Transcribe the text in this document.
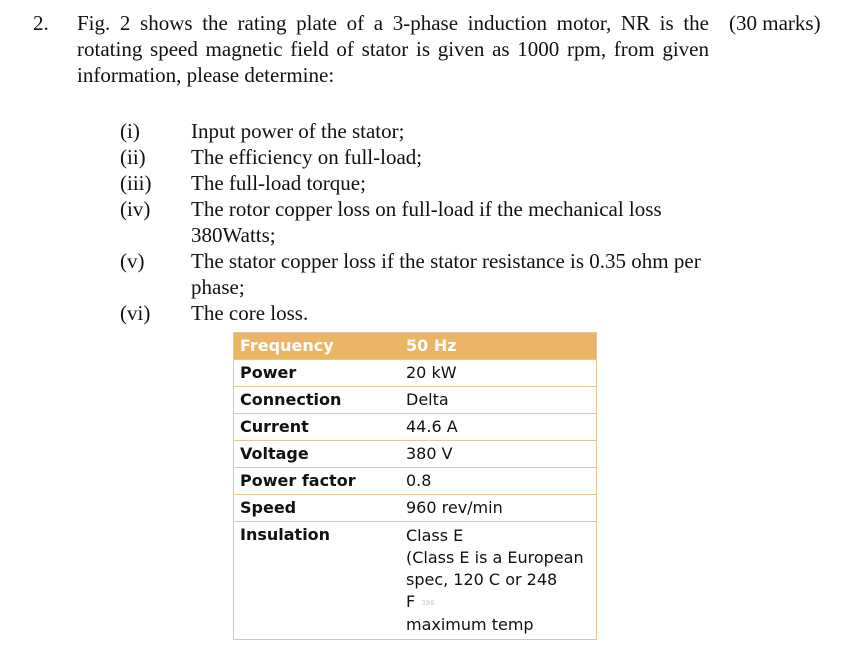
2. Fig. 2 shows the rating plate of a 3-phase induction motor, NR is the rotating speed magnetic field of stator is given as 1000 rpm, from given information, please determine:
(30 marks)
(i)	Input power of the stator;
(ii)	The efficiency on full-load;
(iii)	The full-load torque;
(iv)	The rotor copper loss on full-load if the mechanical loss 380Watts;
(v)	The stator copper loss if the stator resistance is 0.35 ohm per phase;
(vi)	The core loss.
Frequency	50 Hz
Power	20 kW
Connection	Delta
Current	44.6 A
Voltage	380 V
Power factor	0.8
Speed	960 rev/min
Insulation	Class E
(Class E is a European
spec, 120 C or 248 F 396
maximum temp
